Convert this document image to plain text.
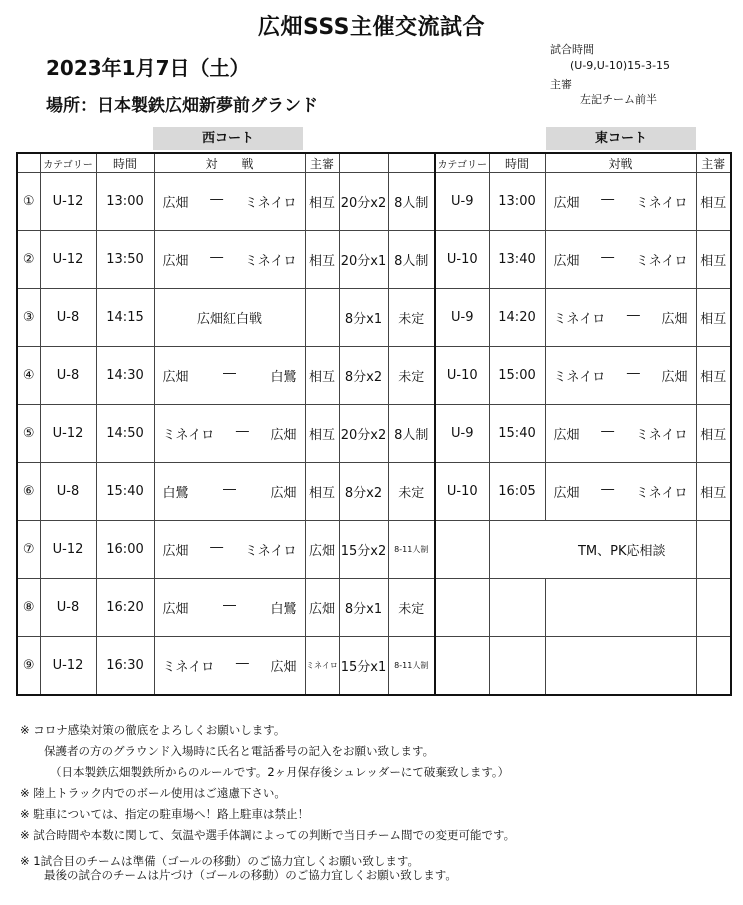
広畑SSS主催交流試合
2023年1月7日（土）
場所：日本製鉄広畑新夢前グランド
試合時間
(U-9,U-10)15-3-15
主審
左記チーム前半
西コート	東コート
	カテゴリー	時間	対　　戦	主審			カテゴリー	時間	対戦	主審
①	U-12	13:00	広畑 ― ミネイロ	相互	20分x2	8人制	U-9	13:00	広畑 ― ミネイロ	相互
②	U-12	13:50	広畑 ― ミネイロ	相互	20分x1	8人制	U-10	13:40	広畑 ― ミネイロ	相互
③	U-8	14:15	広畑紅白戦		8分x1	未定	U-9	14:20	ミネイロ ― 広畑	相互
④	U-8	14:30	広畑 ― 白鷺	相互	8分x2	未定	U-10	15:00	ミネイロ ― 広畑	相互
⑤	U-12	14:50	ミネイロ ― 広畑	相互	20分x2	8人制	U-9	15:40	広畑 ― ミネイロ	相互
⑥	U-8	15:40	白鷺 ― 広畑	相互	8分x2	未定	U-10	16:05	広畑 ― ミネイロ	相互
⑦	U-12	16:00	広畑 ― ミネイロ	広畑	15分x2	8-11人制		TM、PK応相談		
⑧	U-8	16:20	広畑 ― 白鷺	広畑	8分x1	未定			

⑨	U-12	16:30	ミネイロ ― 広畑	ミネイロ	15分x1	8-11人制			

※ コロナ感染対策の徹底をよろしくお願いします。
保護者の方のグラウンド入場時に氏名と電話番号の記入をお願い致します。
（日本製鉄広畑製鉄所からのルールです。2ヶ月保存後シュレッダーにて破棄致します。）
※ 陸上トラック内でのボール使用はご遠慮下さい。
※ 駐車については、指定の駐車場へ！路上駐車は禁止！
※ 試合時間や本数に関して、気温や選手体調によっての判断で当日チーム間での変更可能です。
※ 1試合目のチームは準備（ゴールの移動）のご協力宜しくお願い致します。
最後の試合のチームは片づけ（ゴールの移動）のご協力宜しくお願い致します。
